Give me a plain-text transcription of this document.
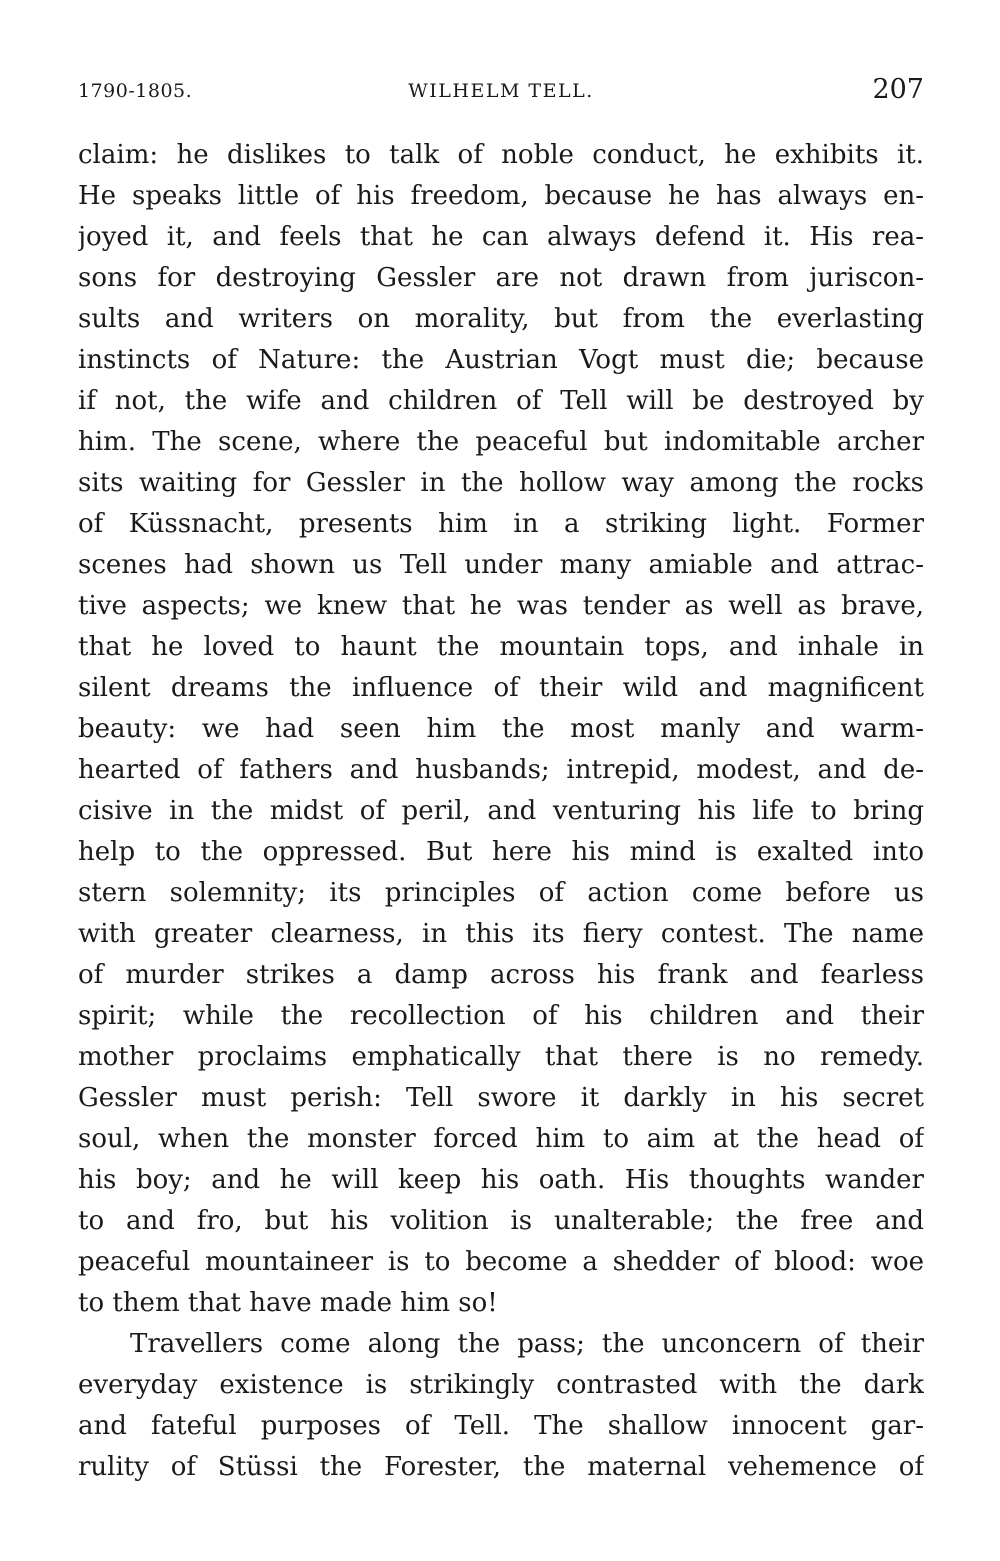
1790-1805.	WILHELM TELL.	207
claim: he dislikes to talk of noble conduct, he exhibits it.
He speaks little of his freedom, because he has always en-
joyed it, and feels that he can always defend it. His rea-
sons for destroying Gessler are not drawn from juriscon-
sults and writers on morality, but from the everlasting
instincts of Nature: the Austrian Vogt must die; because
if not, the wife and children of Tell will be destroyed by
him. The scene, where the peaceful but indomitable archer
sits waiting for Gessler in the hollow way among the rocks
of Küssnacht, presents him in a striking light. Former
scenes had shown us Tell under many amiable and attrac-
tive aspects; we knew that he was tender as well as brave,
that he loved to haunt the mountain tops, and inhale in
silent dreams the influence of their wild and magnificent
beauty: we had seen him the most manly and warm-
hearted of fathers and husbands; intrepid, modest, and de-
cisive in the midst of peril, and venturing his life to bring
help to the oppressed. But here his mind is exalted into
stern solemnity; its principles of action come before us
with greater clearness, in this its fiery contest. The name
of murder strikes a damp across his frank and fearless
spirit; while the recollection of his children and their
mother proclaims emphatically that there is no remedy.
Gessler must perish: Tell swore it darkly in his secret
soul, when the monster forced him to aim at the head of
his boy; and he will keep his oath. His thoughts wander
to and fro, but his volition is unalterable; the free and
peaceful mountaineer is to become a shedder of blood: woe
to them that have made him so!
Travellers come along the pass; the unconcern of their
everyday existence is strikingly contrasted with the dark
and fateful purposes of Tell. The shallow innocent gar-
rulity of Stüssi the Forester, the maternal vehemence of
